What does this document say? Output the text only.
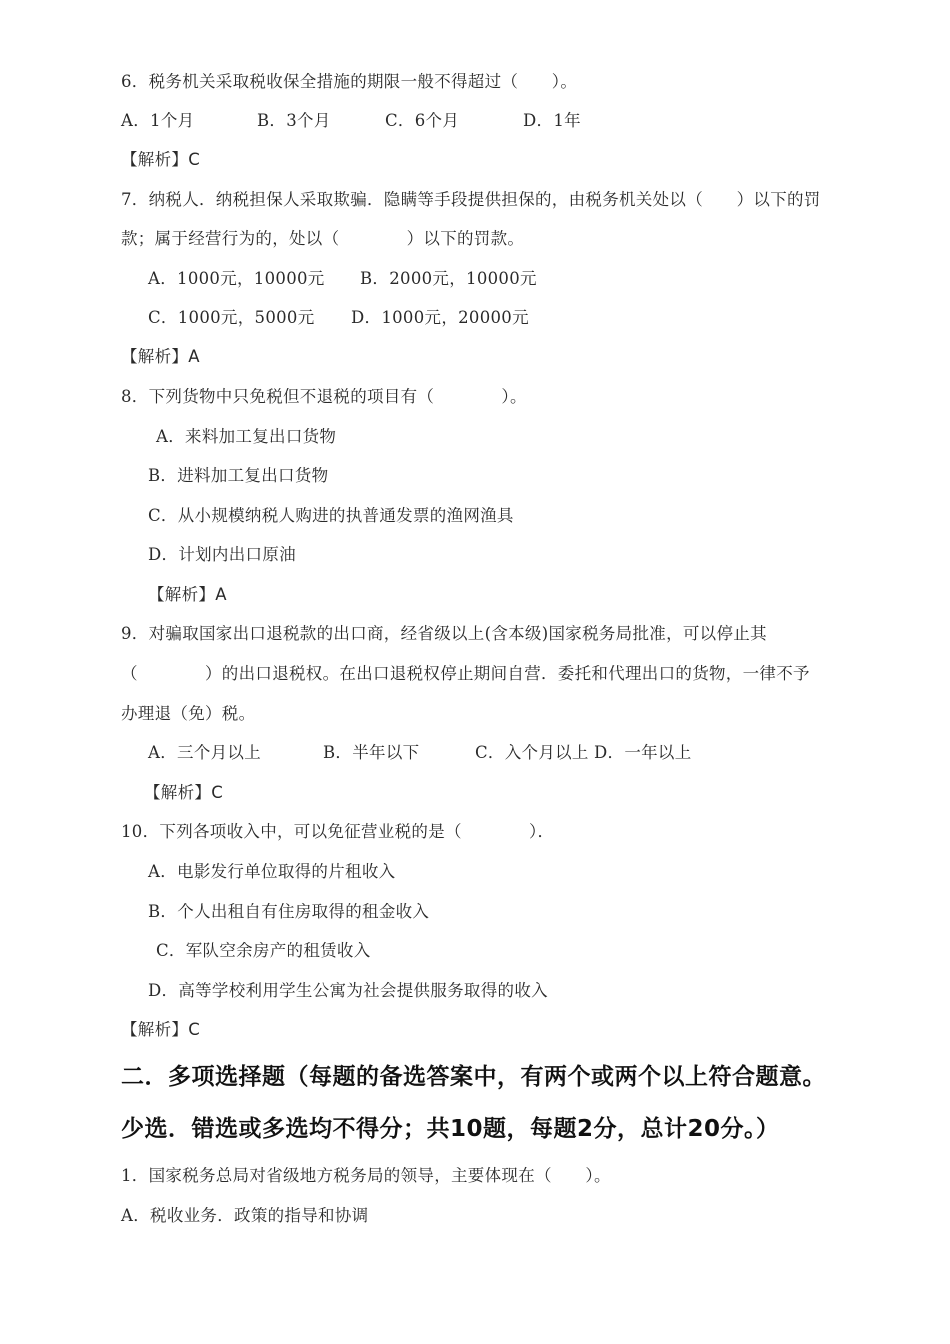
6．税务机关采取税收保全措施的期限一般不得超过（　　）。
A．1个月	B．3个月	C．6个月	D．1年
【解析】C
7．纳税人．纳税担保人采取欺骗．隐瞒等手段提供担保的，由税务机关处以（　　）以下的罚
款；属于经营行为的，处以（　　　　）以下的罚款。
A．1000元，10000元 B．2000元，10000元
C．1000元，5000元 D．1000元，20000元
【解析】A
8．下列货物中只免税但不退税的项目有（　　　　）。
A．来料加工复出口货物
B．进料加工复出口货物
C．从小规模纳税人购进的执普通发票的渔网渔具
D．计划内出口原油
【解析】A
9．对骗取国家出口退税款的出口商，经省级以上(含本级)国家税务局批准，可以停止其
（　　　　）的出口退税权。在出口退税权停止期间自营．委托和代理出口的货物，一律不予
办理退（免）税。
A．三个月以上	B．半年以下	C．入个月以上 D．一年以上
【解析】C
10．下列各项收入中，可以免征营业税的是（　　　　）．
A．电影发行单位取得的片租收入
B．个人出租自有住房取得的租金收入
C．军队空余房产的租赁收入
D．高等学校利用学生公寓为社会提供服务取得的收入
【解析】C
二．多项选择题（每题的备选答案中，有两个或两个以上符合题意。
少选．错选或多选均不得分；共10题，每题2分，总计20分。）
1．国家税务总局对省级地方税务局的领导，主要体现在（　　）。
A．税收业务．政策的指导和协调
